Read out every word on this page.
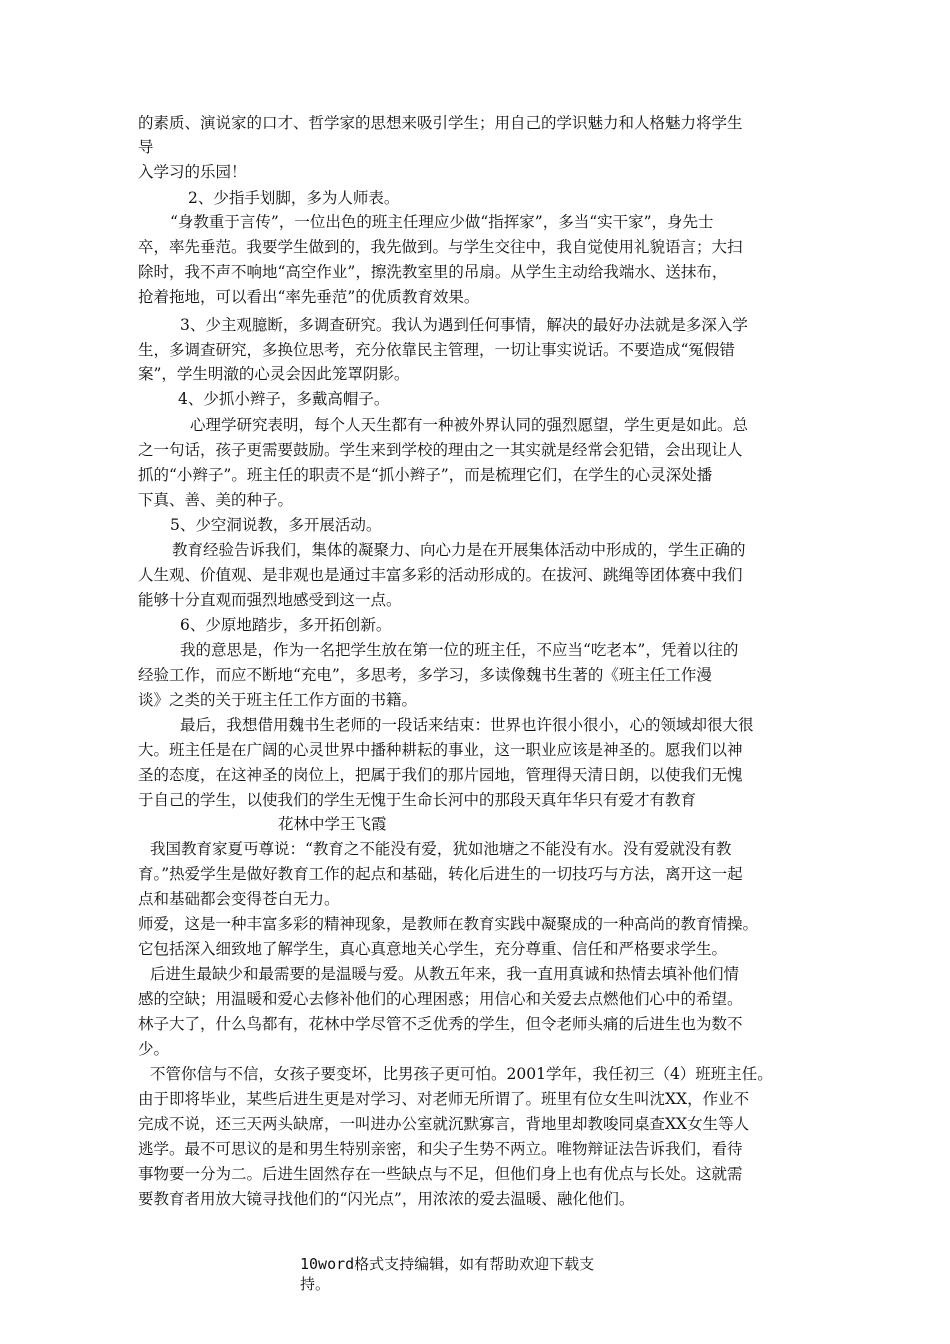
的素质、演说家的口才、哲学家的思想来吸引学生；用自己的学识魅力和人格魅力将学生
导
入学习的乐园！
2、少指手划脚，多为人师表。
“身教重于言传”，一位出色的班主任理应少做“指挥家”，多当“实干家”，身先士
卒，率先垂范。我要学生做到的，我先做到。与学生交往中，我自觉使用礼貌语言；大扫
除时，我不声不响地“高空作业”，擦洗教室里的吊扇。从学生主动给我端水、送抹布，
抢着拖地，可以看出“率先垂范”的优质教育效果。
3、少主观臆断，多调查研究。我认为遇到任何事情，解决的最好办法就是多深入学
生，多调查研究，多换位思考，充分依靠民主管理，一切让事实说话。不要造成“冤假错
案”，学生明澈的心灵会因此笼罩阴影。
4、少抓小辫子，多戴高帽子。
心理学研究表明，每个人天生都有一种被外界认同的强烈愿望，学生更是如此。总
之一句话，孩子更需要鼓励。学生来到学校的理由之一其实就是经常会犯错，会出现让人
抓的“小辫子”。班主任的职责不是“抓小辫子”，而是梳理它们，在学生的心灵深处播
下真、善、美的种子。
5、少空洞说教，多开展活动。
教育经验告诉我们，集体的凝聚力、向心力是在开展集体活动中形成的，学生正确的
人生观、价值观、是非观也是通过丰富多彩的活动形成的。在拔河、跳绳等团体赛中我们
能够十分直观而强烈地感受到这一点。
6、少原地踏步，多开拓创新。
我的意思是，作为一名把学生放在第一位的班主任，不应当“吃老本”，凭着以往的
经验工作，而应不断地“充电”，多思考，多学习，多读像魏书生著的《班主任工作漫
谈》之类的关于班主任工作方面的书籍。
最后，我想借用魏书生老师的一段话来结束：世界也许很小很小，心的领域却很大很
大。班主任是在广阔的心灵世界中播种耕耘的事业，这一职业应该是神圣的。愿我们以神
圣的态度，在这神圣的岗位上，把属于我们的那片园地，管理得天清日朗，以使我们无愧
于自己的学生，以使我们的学生无愧于生命长河中的那段天真年华只有爱才有教育
花林中学王飞霞
我国教育家夏丏尊说：“教育之不能没有爱，犹如池塘之不能没有水。没有爱就没有教
育。”热爱学生是做好教育工作的起点和基础，转化后进生的一切技巧与方法，离开这一起
点和基础都会变得苍白无力。
师爱，这是一种丰富多彩的精神现象，是教师在教育实践中凝聚成的一种高尚的教育情操。
它包括深入细致地了解学生，真心真意地关心学生，充分尊重、信任和严格要求学生。
后进生最缺少和最需要的是温暖与爱。从教五年来，我一直用真诚和热情去填补他们情
感的空缺；用温暖和爱心去修补他们的心理困惑；用信心和关爱去点燃他们心中的希望。
林子大了，什么鸟都有，花林中学尽管不乏优秀的学生，但令老师头痛的后进生也为数不
少。
不管你信与不信，女孩子要变坏，比男孩子更可怕。2001学年，我任初三（4）班班主任。
由于即将毕业，某些后进生更是对学习、对老师无所谓了。班里有位女生叫沈XX，作业不
完成不说，还三天两头缺席，一叫进办公室就沉默寡言，背地里却教唆同桌查XX女生等人
逃学。最不可思议的是和男生特别亲密，和尖子生势不两立。唯物辩证法告诉我们，看待
事物要一分为二。后进生固然存在一些缺点与不足，但他们身上也有优点与长处。这就需
要教育者用放大镜寻找他们的“闪光点”，用浓浓的爱去温暖、融化他们。
10word格式支持编辑，如有帮助欢迎下载支
持。
